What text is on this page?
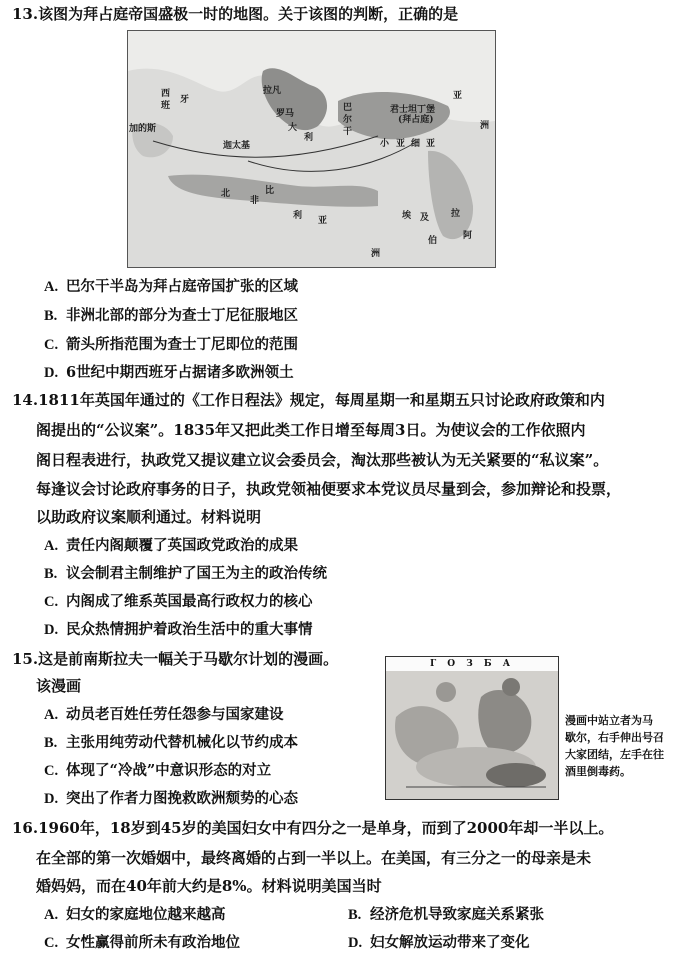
13.该图为拜占庭帝国盛极一时的地图。关于该图的判断，正确的是
西
班
牙
加的斯
拉凡
罗马
大
利
比
北
非
洲
利 亚	埃 及
君士坦丁堡
(拜占庭)
小 亚 细 亚
巴
尔
干
洲
亚
迦太基
阿
拉
伯
A. 巴尔干半岛为拜占庭帝国扩张的区域
B. 非洲北部的部分为查士丁尼征服地区
C. 箭头所指范围为查士丁尼即位的范围
D. 6世纪中期西班牙占据诸多欧洲领土
14.1811年英国年通过的《工作日程法》规定，每周星期一和星期五只讨论政府政策和内
阁提出的“公议案”。1835年又把此类工作日增至每周3日。为使议会的工作依照内
阁日程表进行，执政党又提议建立议会委员会，淘汰那些被认为无关紧要的“私议案”。
每逢议会讨论政府事务的日子，执政党领袖便要求本党议员尽量到会，参加辩论和投票，
以助政府议案顺利通过。材料说明
A. 责任内阁颠覆了英国政党政治的成果
B. 议会制君主制维护了国王为主的政治传统
C. 内阁成了维系英国最高行政权力的核心
D. 民众热情拥护着政治生活中的重大事情
15.这是前南斯拉夫一幅关于马歇尔计划的漫画。
该漫画
Г О З Б А
漫画中站立者为马
歇尔，右手伸出号召
大家团结，左手在往
酒里倒毒药。
A. 动员老百姓任劳任怨参与国家建设
B. 主张用纯劳动代替机械化以节约成本
C. 体现了“冷战”中意识形态的对立
D. 突出了作者力图挽救欧洲颓势的心态
16.1960年，18岁到45岁的美国妇女中有四分之一是单身，而到了2000年却一半以上。
在全部的第一次婚姻中，最终离婚的占到一半以上。在美国，有三分之一的母亲是未
婚妈妈，而在40年前大约是8%。材料说明美国当时
A. 妇女的家庭地位越来越高	B. 经济危机导致家庭关系紧张
C. 女性赢得前所未有政治地位	D. 妇女解放运动带来了变化
